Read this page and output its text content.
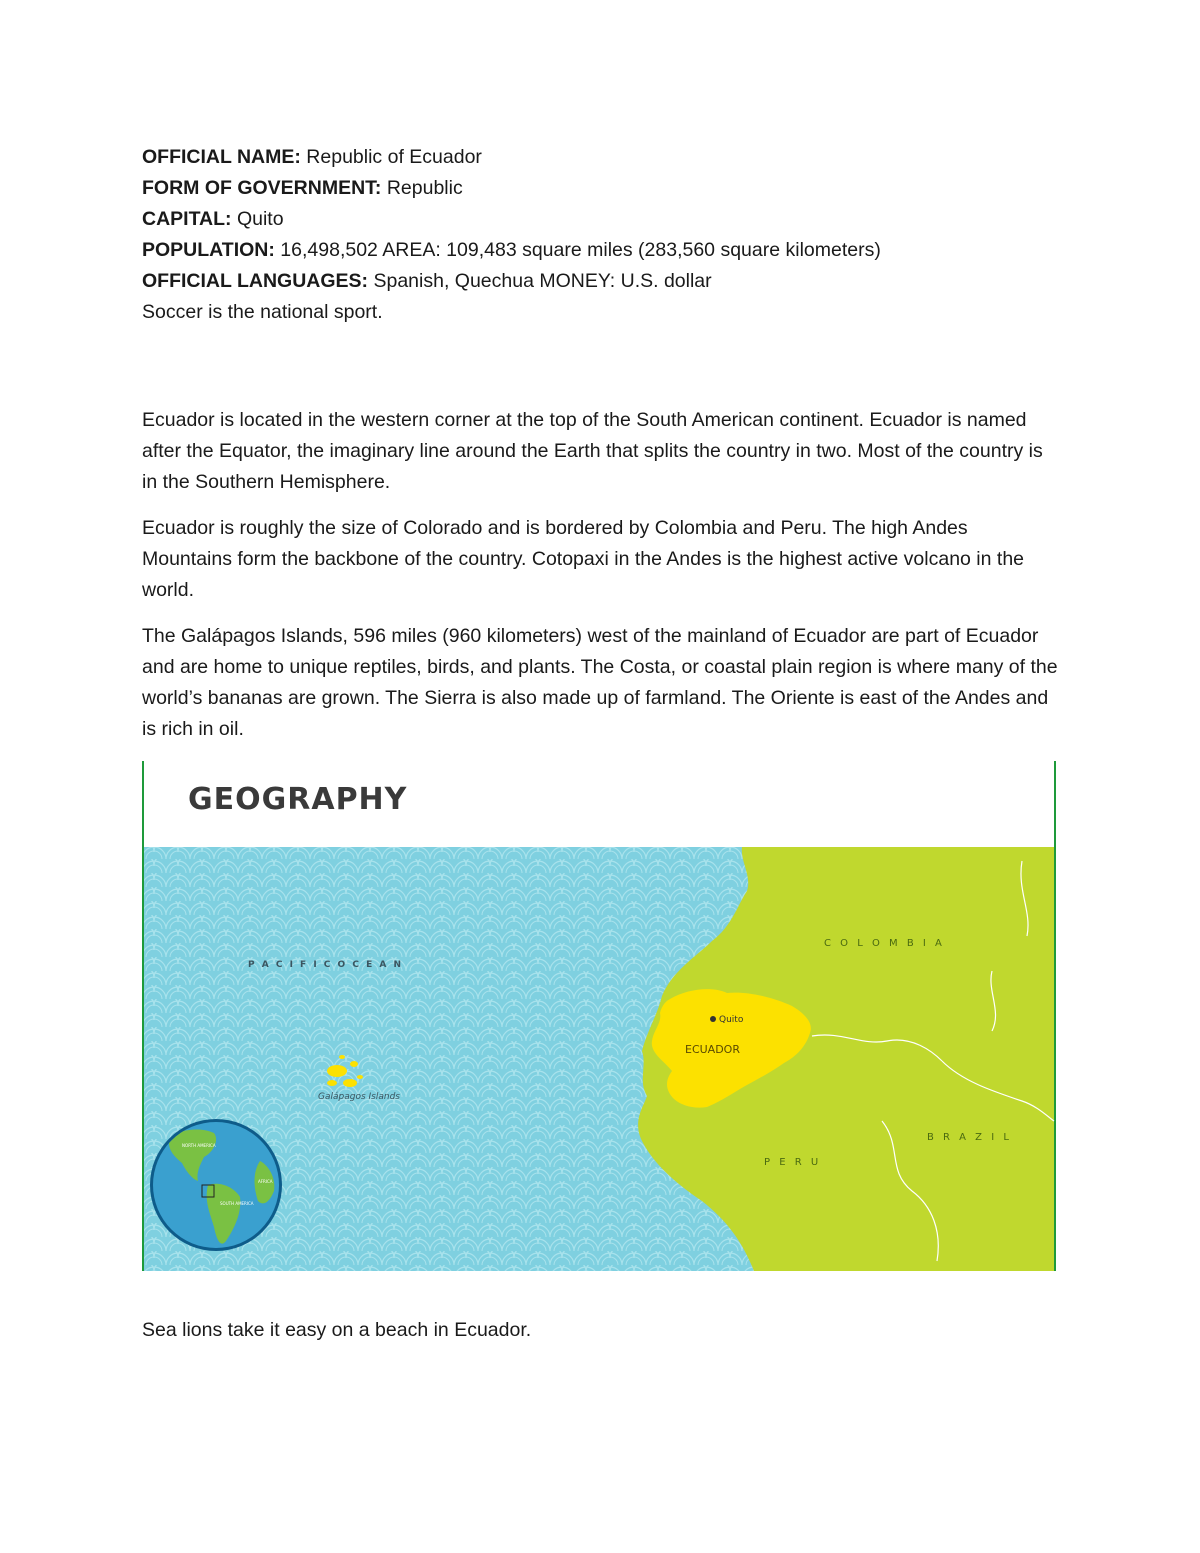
OFFICIAL NAME: Republic of Ecuador
FORM OF GOVERNMENT: Republic
CAPITAL: Quito
POPULATION: 16,498,502 AREA: 109,483 square miles (283,560 square kilometers)
OFFICIAL LANGUAGES: Spanish, Quechua MONEY: U.S. dollar
Soccer is the national sport.

Ecuador is located in the western corner at the top of the South American continent. Ecuador is named after the Equator, the imaginary line around the Earth that splits the country in two. Most of the country is in the Southern Hemisphere.

Ecuador is roughly the size of Colorado and is bordered by Colombia and Peru. The high Andes Mountains form the backbone of the country. Cotopaxi in the Andes is the highest active volcano in the world.

The Galápagos Islands, 596 miles (960 kilometers) west of the mainland of Ecuador are part of Ecuador and are home to unique reptiles, birds, and plants. The Costa, or coastal plain region is where many of the world’s bananas are grown. The Sierra is also made up of farmland. The Oriente is east of the Andes and is rich in oil.

GEOGRAPHY
P A C I F I C O C E A N
C O L O M B I A
ECUADOR
Quito
Galápagos Islands
P E R U
B R A Z I L
NORTH AMERICA
SOUTH AMERICA
AFRICA
Sea lions take it easy on a beach in Ecuador.
